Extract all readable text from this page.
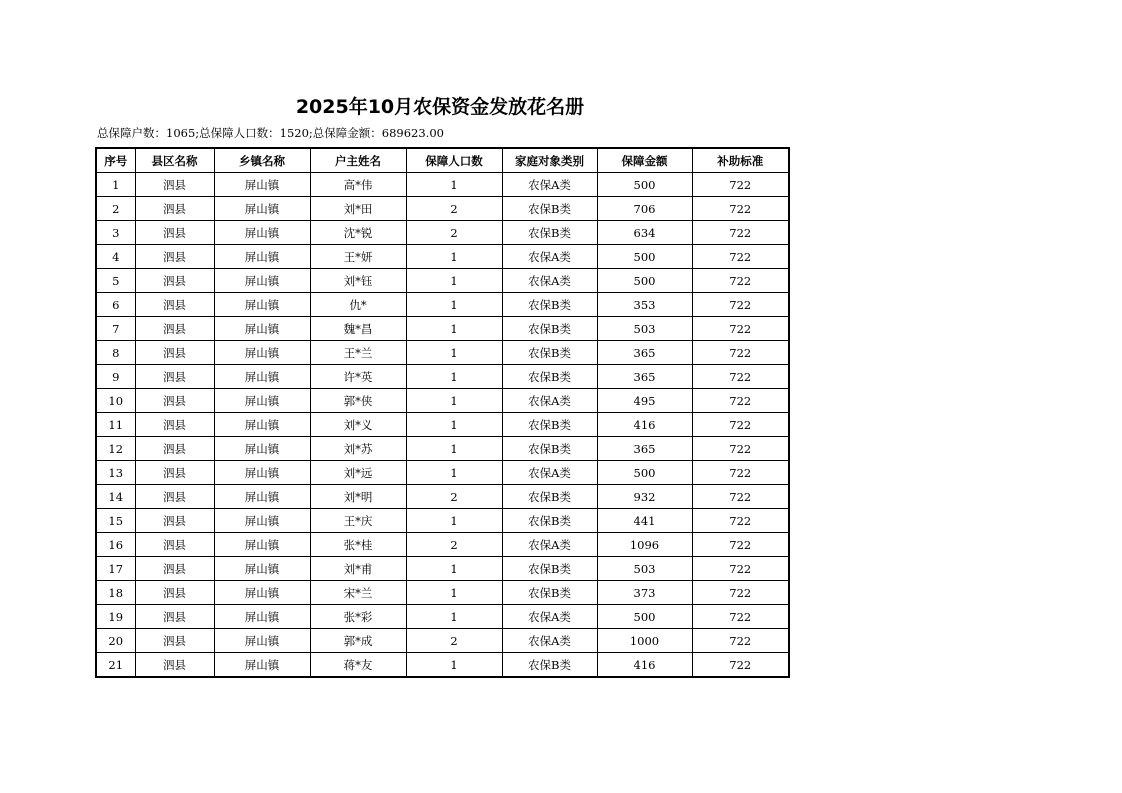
2025年10月农保资金发放花名册
总保障户数：1065;总保障人口数：1520;总保障金额：689623.00
序号	县区名称	乡镇名称	户主姓名	保障人口数	家庭对象类别	保障金额	补助标准
1	泗县	屏山镇	高*伟	1	农保A类	500	722
2	泗县	屏山镇	刘*田	2	农保B类	706	722
3	泗县	屏山镇	沈*锐	2	农保B类	634	722
4	泗县	屏山镇	王*妍	1	农保A类	500	722
5	泗县	屏山镇	刘*钰	1	农保A类	500	722
6	泗县	屏山镇	仇*	1	农保B类	353	722
7	泗县	屏山镇	魏*昌	1	农保B类	503	722
8	泗县	屏山镇	王*兰	1	农保B类	365	722
9	泗县	屏山镇	许*英	1	农保B类	365	722
10	泗县	屏山镇	郭*侠	1	农保A类	495	722
11	泗县	屏山镇	刘*义	1	农保B类	416	722
12	泗县	屏山镇	刘*苏	1	农保B类	365	722
13	泗县	屏山镇	刘*远	1	农保A类	500	722
14	泗县	屏山镇	刘*明	2	农保B类	932	722
15	泗县	屏山镇	王*庆	1	农保B类	441	722
16	泗县	屏山镇	张*桂	2	农保A类	1096	722
17	泗县	屏山镇	刘*甫	1	农保B类	503	722
18	泗县	屏山镇	宋*兰	1	农保B类	373	722
19	泗县	屏山镇	张*彩	1	农保A类	500	722
20	泗县	屏山镇	郭*成	2	农保A类	1000	722
21	泗县	屏山镇	蒋*友	1	农保B类	416	722
